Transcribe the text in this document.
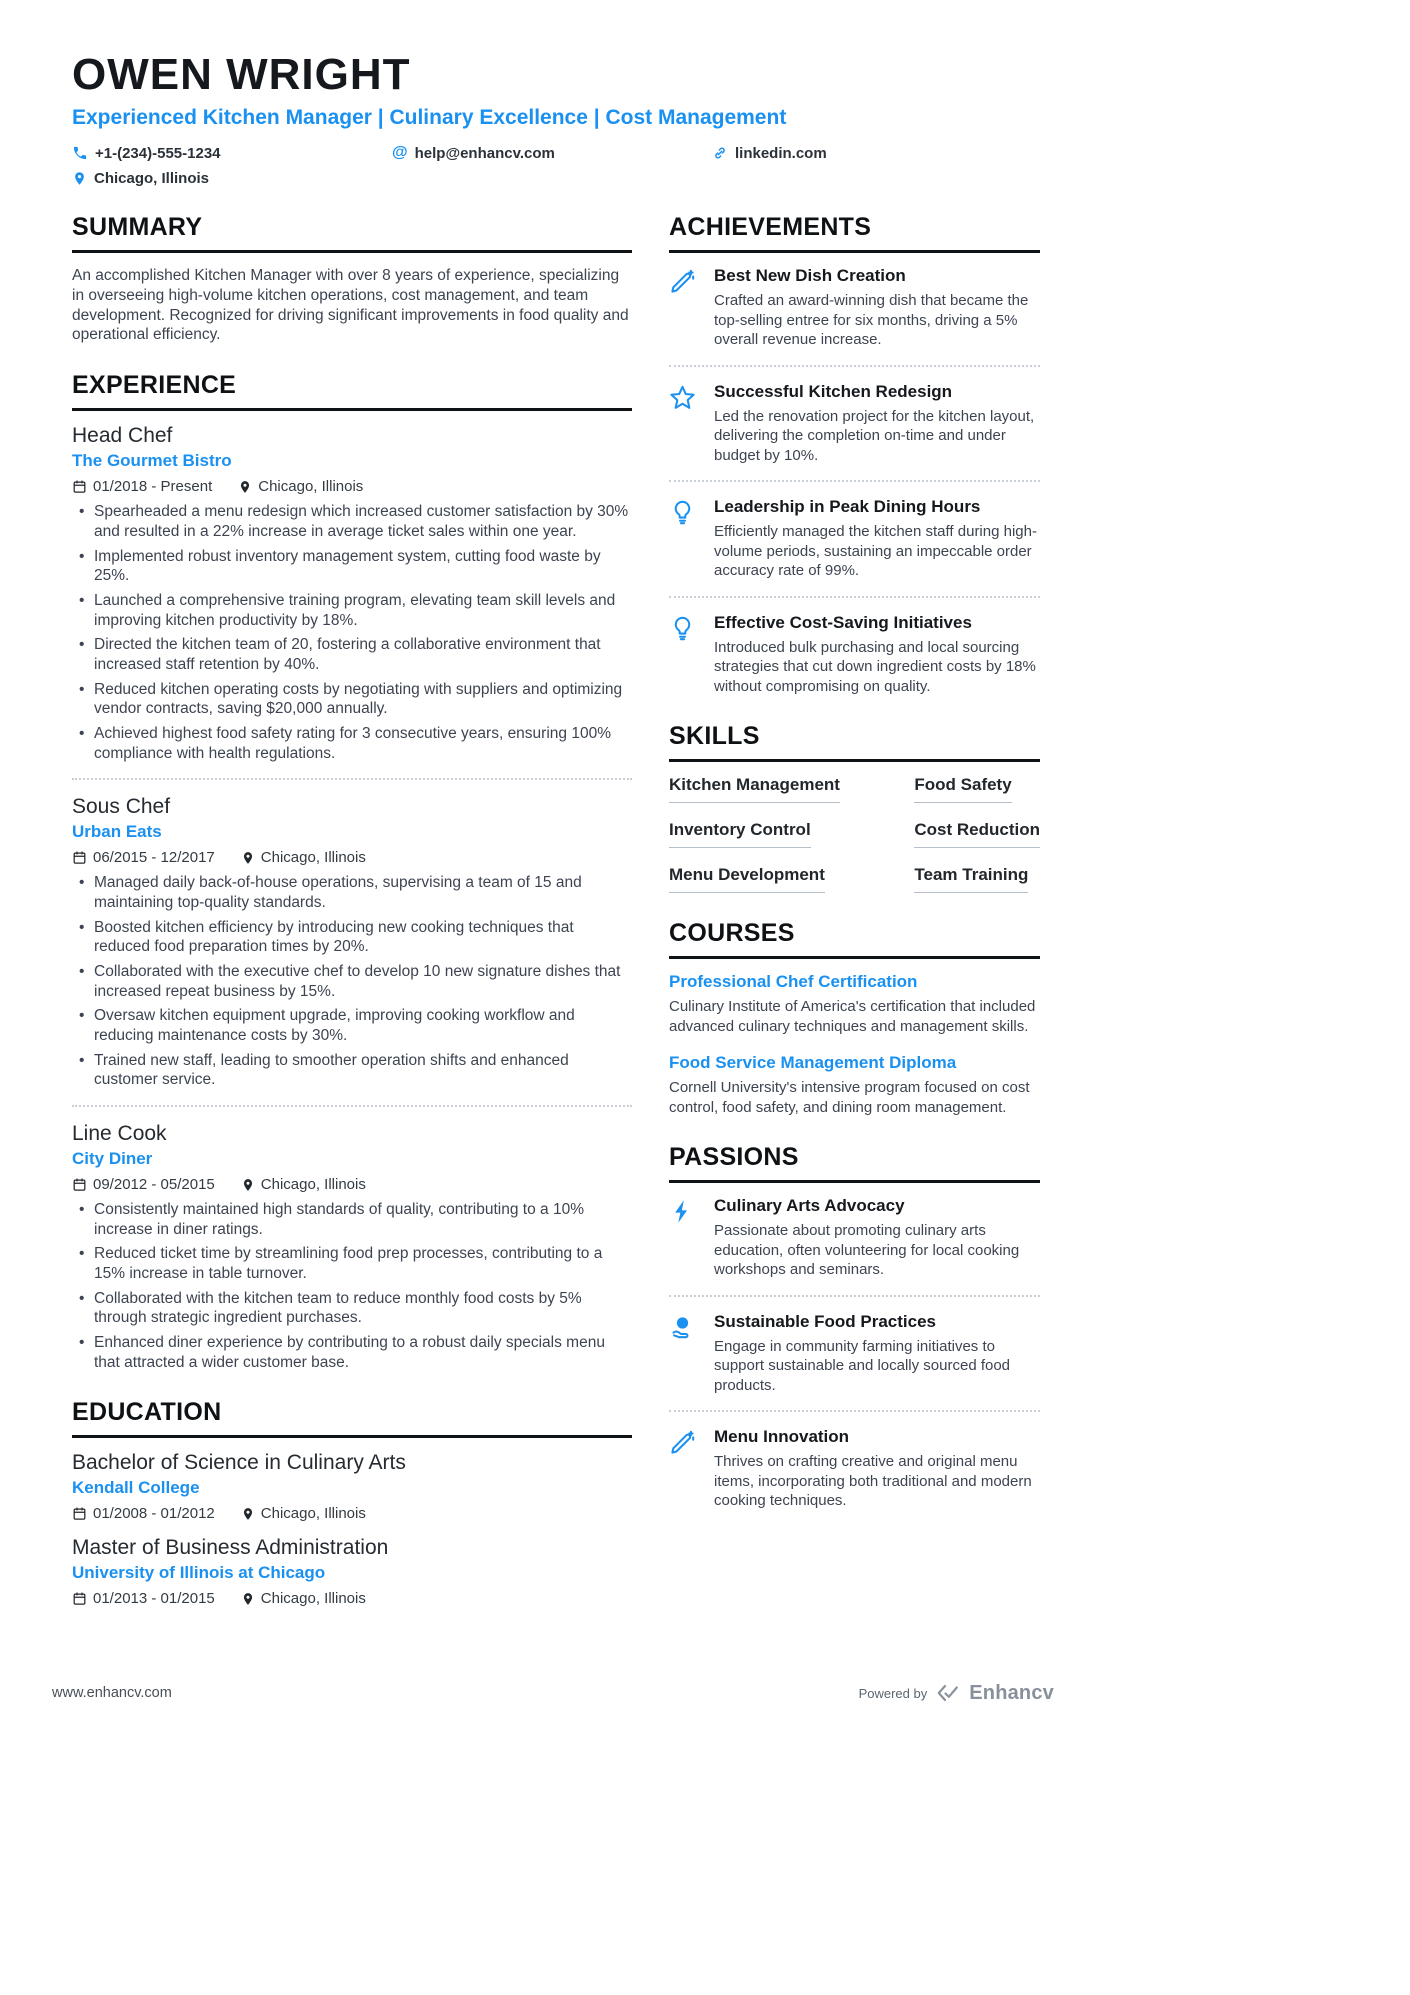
OWEN WRIGHT
Experienced Kitchen Manager | Culinary Excellence | Cost Management
+1-(234)-555-1234	@ help@enhancv.com	linkedin.com
Chicago, Illinois
SUMMARY

An accomplished Kitchen Manager with over 8 years of experience, specializing in overseeing high-volume kitchen operations, cost management, and team development. Recognized for driving significant improvements in food quality and operational efficiency.

EXPERIENCE
Head Chef
The Gourmet Bistro
01/2018 - Present	Chicago, Illinois
• Spearheaded a menu redesign which increased customer satisfaction by 30% and resulted in a 22% increase in average ticket sales within one year.
• Implemented robust inventory management system, cutting food waste by 25%.
• Launched a comprehensive training program, elevating team skill levels and improving kitchen productivity by 18%.
• Directed the kitchen team of 20, fostering a collaborative environment that increased staff retention by 40%.
• Reduced kitchen operating costs by negotiating with suppliers and optimizing vendor contracts, saving $20,000 annually.
• Achieved highest food safety rating for 3 consecutive years, ensuring 100% compliance with health regulations.
Sous Chef
Urban Eats
06/2015 - 12/2017	Chicago, Illinois
• Managed daily back-of-house operations, supervising a team of 15 and maintaining top-quality standards.
• Boosted kitchen efficiency by introducing new cooking techniques that reduced food preparation times by 20%.
• Collaborated with the executive chef to develop 10 new signature dishes that increased repeat business by 15%.
• Oversaw kitchen equipment upgrade, improving cooking workflow and reducing maintenance costs by 30%.
• Trained new staff, leading to smoother operation shifts and enhanced customer service.
Line Cook
City Diner
09/2012 - 05/2015	Chicago, Illinois
• Consistently maintained high standards of quality, contributing to a 10% increase in diner ratings.
• Reduced ticket time by streamlining food prep processes, contributing to a 15% increase in table turnover.
• Collaborated with the kitchen team to reduce monthly food costs by 5% through strategic ingredient purchases.
• Enhanced diner experience by contributing to a robust daily specials menu that attracted a wider customer base.
EDUCATION
Bachelor of Science in Culinary Arts
Kendall College
01/2008 - 01/2012	Chicago, Illinois
Master of Business Administration
University of Illinois at Chicago
01/2013 - 01/2015	Chicago, Illinois
ACHIEVEMENTS
Best New Dish Creation

Crafted an award-winning dish that became the top-selling entree for six months, driving a 5% overall revenue increase.

Successful Kitchen Redesign

Led the renovation project for the kitchen layout, delivering the completion on-time and under budget by 10%.

Leadership in Peak Dining Hours

Efficiently managed the kitchen staff during high-volume periods, sustaining an impeccable order accuracy rate of 99%.

Effective Cost-Saving Initiatives

Introduced bulk purchasing and local sourcing strategies that cut down ingredient costs by 18% without compromising on quality.

SKILLS
Kitchen Management	Food Safety
Inventory Control	Cost Reduction
Menu Development	Team Training
COURSES
Professional Chef Certification

Culinary Institute of America's certification that included advanced culinary techniques and management skills.

Food Service Management Diploma

Cornell University's intensive program focused on cost control, food safety, and dining room management.

PASSIONS
Culinary Arts Advocacy

Passionate about promoting culinary arts education, often volunteering for local cooking workshops and seminars.

Sustainable Food Practices

Engage in community farming initiatives to support sustainable and locally sourced food products.

Menu Innovation

Thrives on crafting creative and original menu items, incorporating both traditional and modern cooking techniques.

www.enhancv.com	Powered by Enhancv
